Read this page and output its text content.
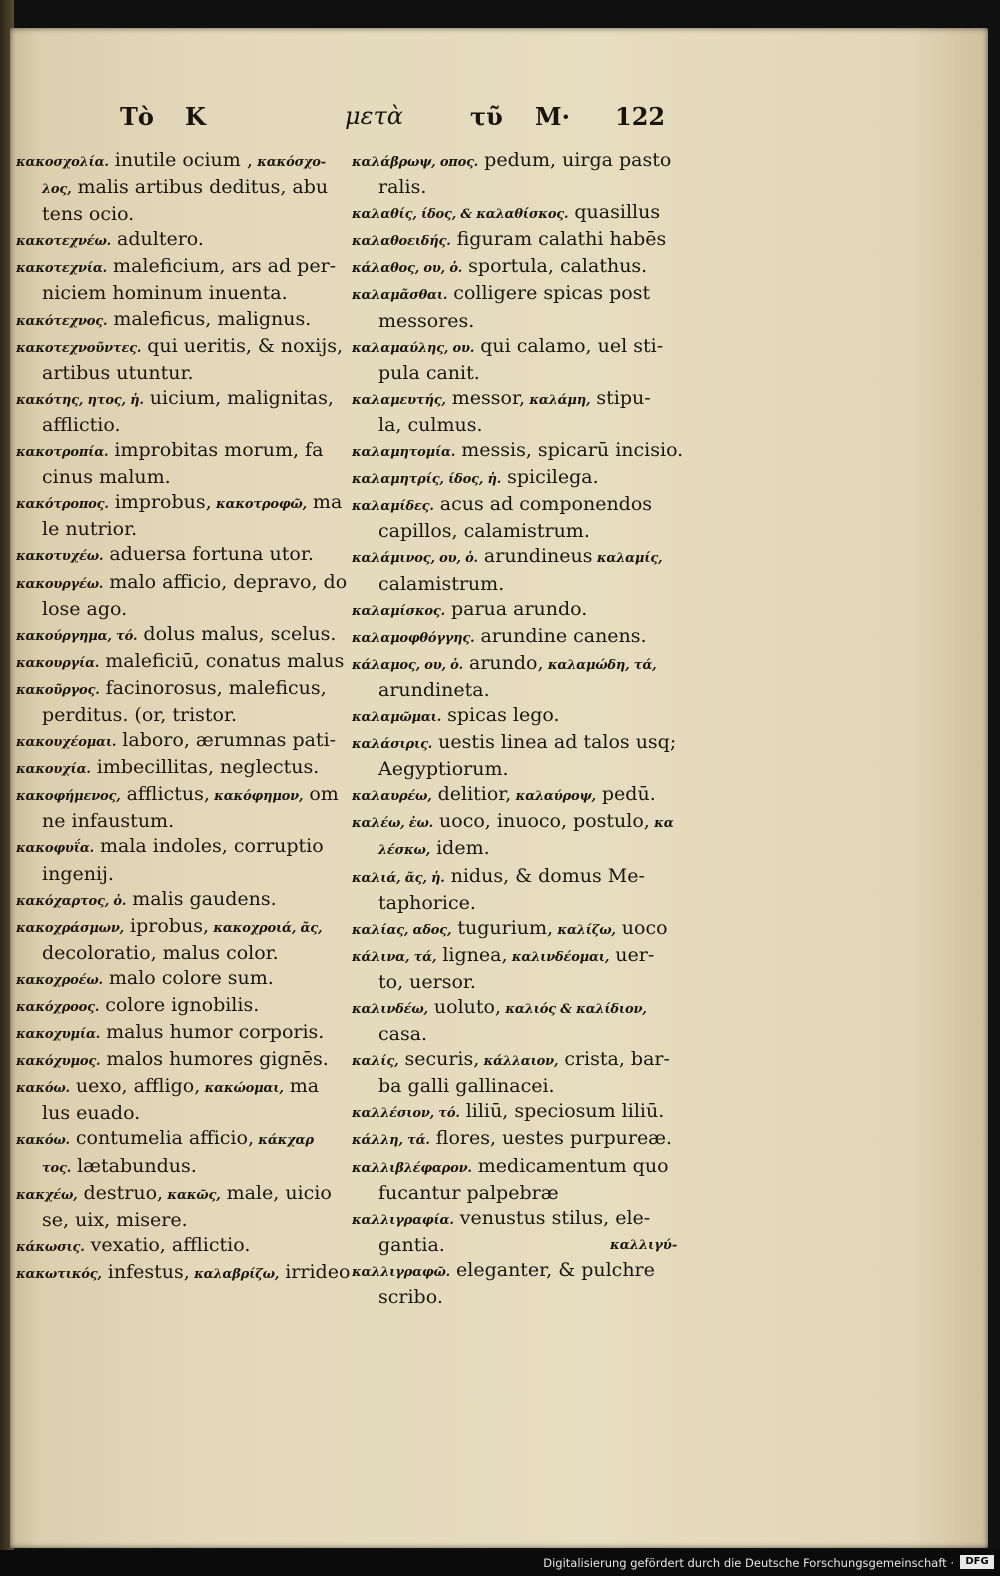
Τὸ Κ	μετὰ	τῦ Μ· 122
κακοσχολία. inutile ocium , κακόσχο-
λος, malis artibus deditus, abu
tens ocio.
κακοτεχνέω. adultero.
κακοτεχνία. maleficium, ars ad per-
niciem hominum inuenta.
κακότεχνος. maleficus, malignus.
κακοτεχνοῦντες. qui ueritis, & noxijs,
artibus utuntur.
κακότης, ητος, ἡ. uicium, malignitas,
afflictio.
κακοτροπία. improbitas morum, fa
cinus malum.
κακότροπος. improbus, κακοτροφῶ, ma
le nutrior.
κακοτυχέω. aduersa fortuna utor.
κακουργέω. malo afficio, depravo, do
lose ago.
κακούργημα, τό. dolus malus, scelus.
κακουργία. maleficiū, conatus malus
κακοῦργος. facinorosus, maleficus,
perditus. (or, tristor.
κακουχέομαι. laboro, ærumnas pati-
κακουχία. imbecillitas, neglectus.
κακοφήμενος, afflictus, κακόφημον, om
ne infaustum.
κακοφυΐα. mala indoles, corruptio
ingenij.
κακόχαρτος, ὁ. malis gaudens.
κακοχράσμων, iprobus, κακοχροιά, ᾶς,
decoloratio, malus color.
κακοχροέω. malo colore sum.
κακόχροος. colore ignobilis.
κακοχυμία. malus humor corporis.
κακόχυμος. malos humores gignēs.
κακόω. uexo, affligo, κακώομαι, ma
lus euado.
κακόω. contumelia afficio, κάκχαρ
τος. lætabundus.
κακχέω, destruo, κακῶς, male, uicio
se, uix, misere.
κάκωσις. vexatio, afflictio.
κακωτικός, infestus, καλαβρίζω, irrideo
καλάβρωψ, οπος. pedum, uirga pasto
ralis.
καλαθίς, ίδος, & καλαθίσκος. quasillus
καλαθοειδής. figuram calathi habēs
κάλαθος, ου, ὁ. sportula, calathus.
καλαμᾶσθαι. colligere spicas post
messores.
καλαμαύλης, ου. qui calamo, uel sti-
pula canit.
καλαμευτής, messor, καλάμη, stipu-
la, culmus.
καλαμητομία. messis, spicarū incisio.
καλαμητρίς, ίδος, ἡ. spicilega.
καλαμίδες. acus ad componendos
capillos, calamistrum.
καλάμινος, ου, ὁ. arundineus καλαμίς,
calamistrum.
καλαμίσκος. parua arundo.
καλαμοφθόγγης. arundine canens.
κάλαμος, ου, ὁ. arundo, καλαμώδη, τά,
arundineta.
καλαμῶμαι. spicas lego.
καλάσιρις. uestis linea ad talos usq;
Aegyptiorum.
καλαυρέω, delitior, καλαύροψ, pedū.
καλέω, ἐω. uoco, inuoco, postulo, κα
λέσκω, idem.
καλιά, ᾶς, ἡ. nidus, & domus Me-
taphorice.
καλίας, αδος, tugurium, καλίζω, uoco
κάλινα, τά, lignea, καλινδέομαι, uer-
to, uersor.
καλινδέω, uoluto, καλιός & καλίδιον,
casa.
καλίς, securis, κάλλαιον, crista, bar-
ba galli gallinacei.
καλλέσιον, τό. liliū, speciosum liliū.
κάλλη, τά. flores, uestes purpureæ.
καλλιβλέφαρον. medicamentum quo
fucantur palpebræ
καλλιγραφία. venustus stilus, ele-
gantia.
καλλιγραφῶ. eleganter, & pulchre
scribo.
καλλιγύ-
Digitalisierung gefördert durch die Deutsche Forschungsgemeinschaft ·	DFG
